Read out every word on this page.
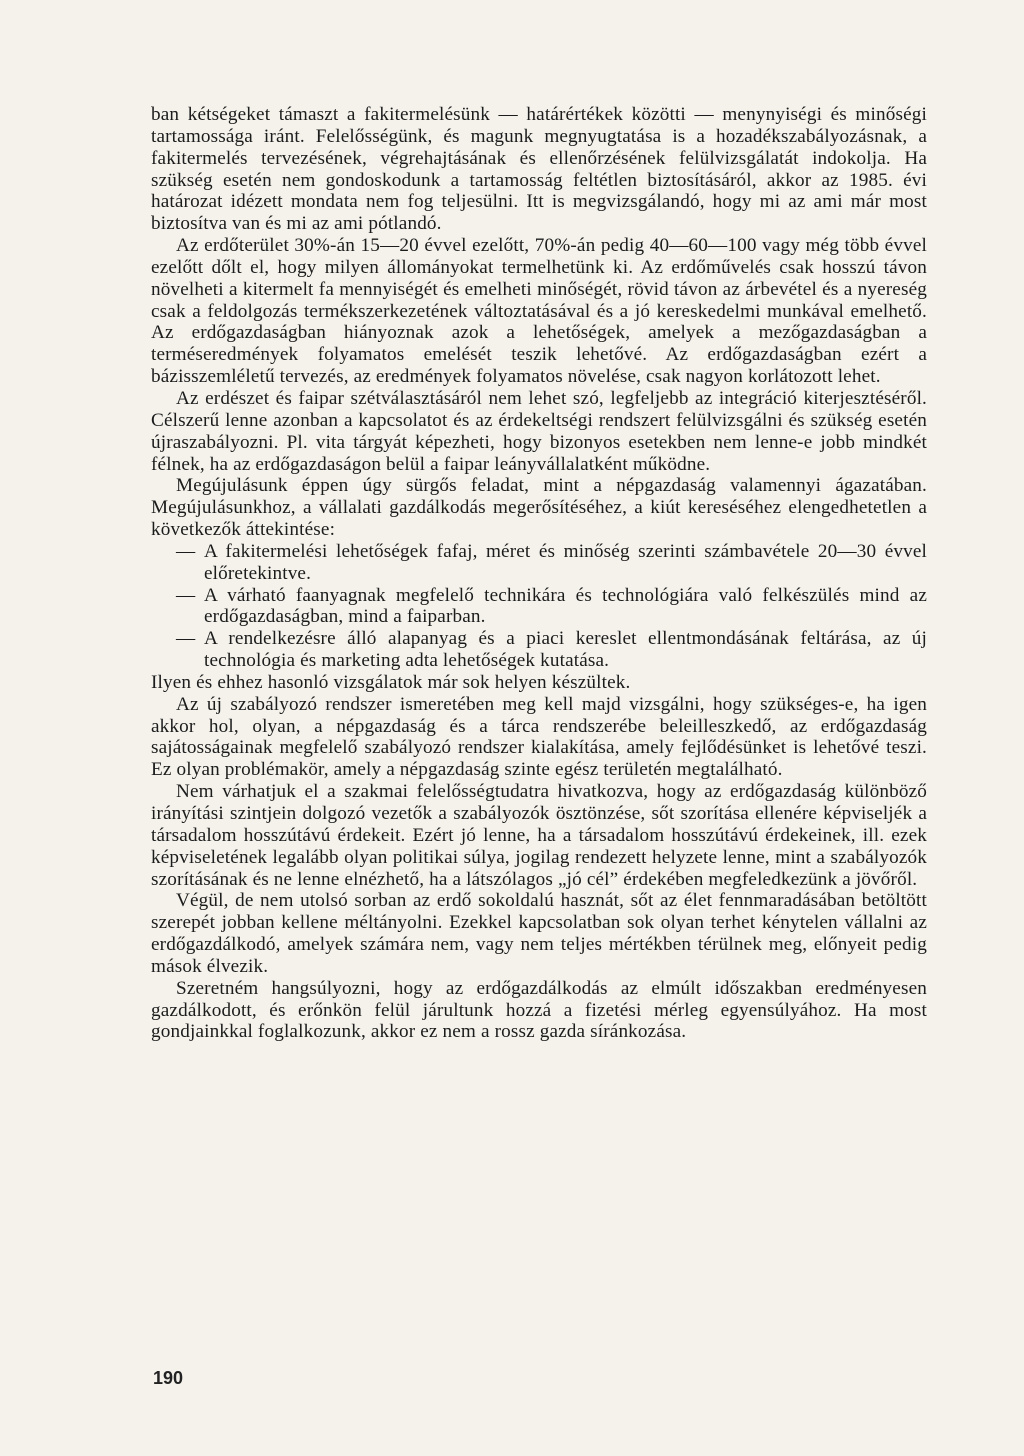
ban kétségeket támaszt a fakitermelésünk — határértékek közötti — menynyiségi és minőségi tartamossága iránt. Felelősségünk, és magunk megnyugtatása is a hozadékszabályozásnak, a fakitermelés tervezésének, végrehajtásának és ellenőrzésének felülvizsgálatát indokolja. Ha szükség esetén nem gondoskodunk a tartamosság feltétlen biztosításáról, akkor az 1985. évi határozat idézett mondata nem fog teljesülni. Itt is megvizsgálandó, hogy mi az ami már most biztosítva van és mi az ami pótlandó.

Az erdőterület 30%-án 15—20 évvel ezelőtt, 70%-án pedig 40—60—100 vagy még több évvel ezelőtt dőlt el, hogy milyen állományokat termelhetünk ki. Az erdőművelés csak hosszú távon növelheti a kitermelt fa mennyiségét és emelheti minőségét, rövid távon az árbevétel és a nyereség csak a feldolgozás termékszerkezetének változtatásával és a jó kereskedelmi munkával emelhető. Az erdőgazdaságban hiányoznak azok a lehetőségek, amelyek a mezőgazdaságban a terméseredmények folyamatos emelését teszik lehetővé. Az erdőgazdaságban ezért a bázisszemléletű tervezés, az eredmények folyamatos növelése, csak nagyon korlátozott lehet.

Az erdészet és faipar szétválasztásáról nem lehet szó, legfeljebb az integráció kiterjesztéséről. Célszerű lenne azonban a kapcsolatot és az érdekeltségi rendszert felülvizsgálni és szükség esetén újraszabályozni. Pl. vita tárgyát képezheti, hogy bizonyos esetekben nem lenne-e jobb mindkét félnek, ha az erdőgazdaságon belül a faipar leányvállalatként működne.

Megújulásunk éppen úgy sürgős feladat, mint a népgazdaság valamennyi ágazatában. Megújulásunkhoz, a vállalati gazdálkodás megerősítéséhez, a kiút kereséséhez elengedhetetlen a következők áttekintése:

— A fakitermelési lehetőségek fafaj, méret és minőség szerinti számbavétele 20—30 évvel előretekintve.

— A várható faanyagnak megfelelő technikára és technológiára való felkészülés mind az erdőgazdaságban, mind a faiparban.

— A rendelkezésre álló alapanyag és a piaci kereslet ellentmondásának feltárása, az új technológia és marketing adta lehetőségek kutatása.

Ilyen és ehhez hasonló vizsgálatok már sok helyen készültek.

Az új szabályozó rendszer ismeretében meg kell majd vizsgálni, hogy szükséges-e, ha igen akkor hol, olyan, a népgazdaság és a tárca rendszerébe beleilleszkedő, az erdőgazdaság sajátosságainak megfelelő szabályozó rendszer kialakítása, amely fejlődésünket is lehetővé teszi. Ez olyan problémakör, amely a népgazdaság szinte egész területén megtalálható.

Nem várhatjuk el a szakmai felelősségtudatra hivatkozva, hogy az erdőgazdaság különböző irányítási szintjein dolgozó vezetők a szabályozók ösztönzése, sőt szorítása ellenére képviseljék a társadalom hosszútávú érdekeit. Ezért jó lenne, ha a társadalom hosszútávú érdekeinek, ill. ezek képviseletének legalább olyan politikai súlya, jogilag rendezett helyzete lenne, mint a szabályozók szorításának és ne lenne elnézhető, ha a látszólagos „jó cél” érdekében megfeledkezünk a jövőről.

Végül, de nem utolsó sorban az erdő sokoldalú hasznát, sőt az élet fennmaradásában betöltött szerepét jobban kellene méltányolni. Ezekkel kapcsolatban sok olyan terhet kénytelen vállalni az erdőgazdálkodó, amelyek számára nem, vagy nem teljes mértékben térülnek meg, előnyeit pedig mások élvezik.

Szeretném hangsúlyozni, hogy az erdőgazdálkodás az elmúlt időszakban eredményesen gazdálkodott, és erőnkön felül járultunk hozzá a fizetési mérleg egyensúlyához. Ha most gondjainkkal foglalkozunk, akkor ez nem a rossz gazda síránkozása.

190
